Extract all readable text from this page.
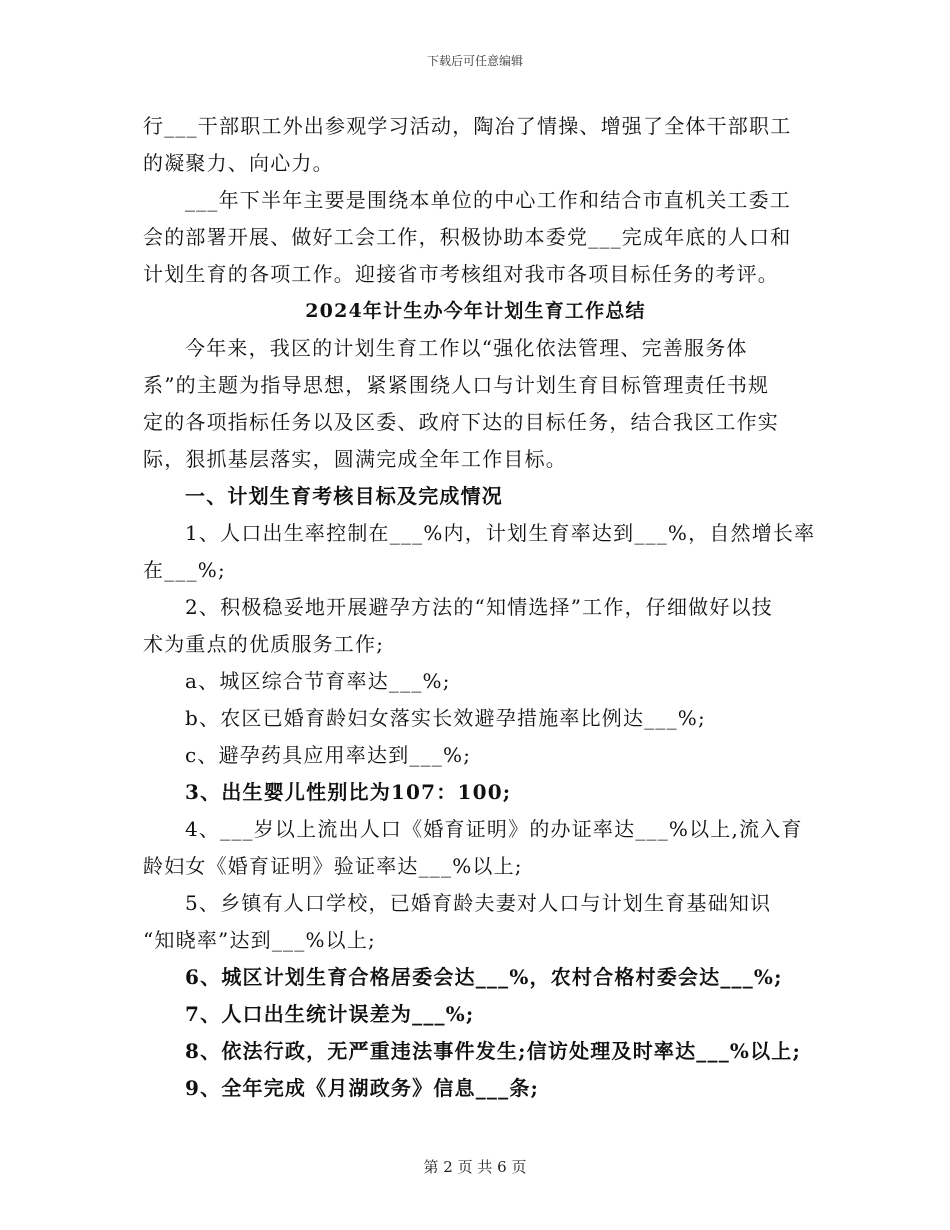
下载后可任意编辑
行___干部职工外出参观学习活动，陶冶了情操、增强了全体干部职工
的凝聚力、向心力。
___年下半年主要是围绕本单位的中心工作和结合市直机关工委工
会的部署开展、做好工会工作，积极协助本委党___完成年底的人口和
计划生育的各项工作。迎接省市考核组对我市各项目标任务的考评。
2024年计生办今年计划生育工作总结
今年来，我区的计划生育工作以“强化依法管理、完善服务体
系”的主题为指导思想，紧紧围绕人口与计划生育目标管理责任书规
定的各项指标任务以及区委、政府下达的目标任务，结合我区工作实
际，狠抓基层落实，圆满完成全年工作目标。
一、计划生育考核目标及完成情况
1、人口出生率控制在___%内，计划生育率达到___%，自然增长率
在___%;
2、积极稳妥地开展避孕方法的“知情选择”工作，仔细做好以技
术为重点的优质服务工作;
a、城区综合节育率达___%;
b、农区已婚育龄妇女落实长效避孕措施率比例达___%;
c、避孕药具应用率达到___%;
3、出生婴儿性别比为107：100;
4、___岁以上流出人口《婚育证明》的办证率达___%以上,流入育
龄妇女《婚育证明》验证率达___%以上;
5、乡镇有人口学校，已婚育龄夫妻对人口与计划生育基础知识
“知晓率”达到___%以上;
6、城区计划生育合格居委会达___%，农村合格村委会达___%;
7、人口出生统计误差为___%;
8、依法行政，无严重违法事件发生;信访处理及时率达___%以上;
9、全年完成《月湖政务》信息___条;
第 2 页 共 6 页
